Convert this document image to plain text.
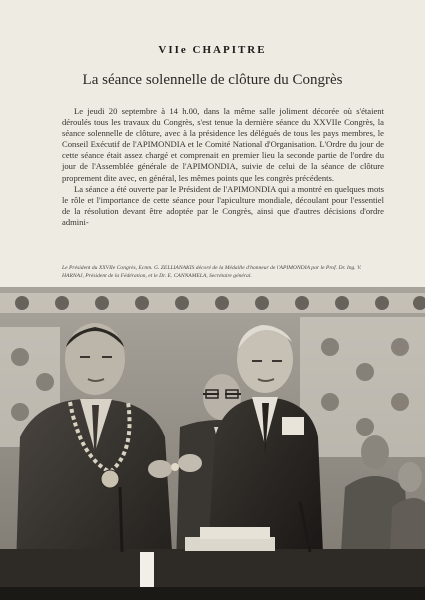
VIIe CHAPITRE
La séance solennelle de clôture du Congrès

Le jeudi 20 septembre à 14 h.00, dans la même salle joliment décorée où s'étaient déroulés tous les travaux du Congrès, s'est tenue la dernière séance du XXVIIe Congrès, la séance solennelle de clôture, avec à la présidence les délégués de tous les pays membres, le Conseil Exécutif de l'APIMONDIA et le Comité National d'Organisation. L'Ordre du jour de cette séance était assez chargé et comprenait en premier lieu la seconde partie de l'ordre du jour de l'Assemblée générale de l'APIMONDIA, suivie de celui de la séance de clôture proprement dite avec, en général, les mêmes points que les congrès précédents.

La séance a été ouverte par le Président de l'APIMONDIA qui a montré en quelques mots le rôle et l'importance de cette séance pour l'apiculture mondiale, découlant pour l'essentiel de la résolution devant être adoptée par le Congrès, ainsi que d'autres décisions d'ordre admini-

Le Président du XXVIIe Congrès, Ecnm. G. ZELLIANAKIS décoré de la Médaille d'honneur de l'APIMONDIA par le Prof. Dr. Ing. V. HARNAJ, Président de la Fédération, et le Dr. E. CANNAMELA, Secrétaire général.
